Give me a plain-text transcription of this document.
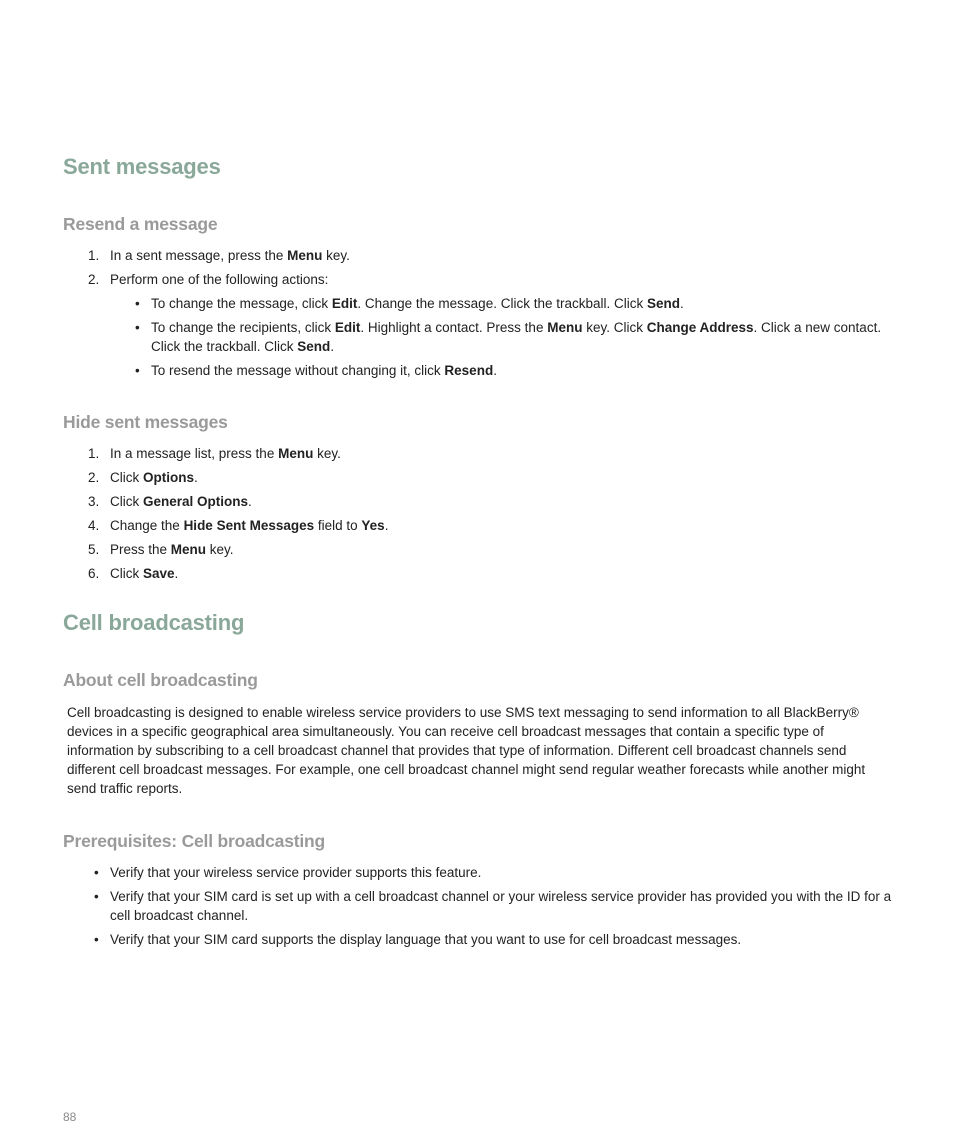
Sent messages
Resend a message
1. In a sent message, press the Menu key.
2. Perform one of the following actions:
• To change the message, click Edit. Change the message. Click the trackball. Click Send.
• To change the recipients, click Edit. Highlight a contact. Press the Menu key. Click Change Address. Click a new contact. Click the trackball. Click Send.
• To resend the message without changing it, click Resend.
Hide sent messages
1. In a message list, press the Menu key.
2. Click Options.
3. Click General Options.
4. Change the Hide Sent Messages field to Yes.
5. Press the Menu key.
6. Click Save.
Cell broadcasting
About cell broadcasting

Cell broadcasting is designed to enable wireless service providers to use SMS text messaging to send information to all BlackBerry® devices in a specific geographical area simultaneously. You can receive cell broadcast messages that contain a specific type of information by subscribing to a cell broadcast channel that provides that type of information. Different cell broadcast channels send different cell broadcast messages. For example, one cell broadcast channel might send regular weather forecasts while another might send traffic reports.

Prerequisites: Cell broadcasting
• Verify that your wireless service provider supports this feature.
• Verify that your SIM card is set up with a cell broadcast channel or your wireless service provider has provided you with the ID for a cell broadcast channel.
• Verify that your SIM card supports the display language that you want to use for cell broadcast messages.
88
